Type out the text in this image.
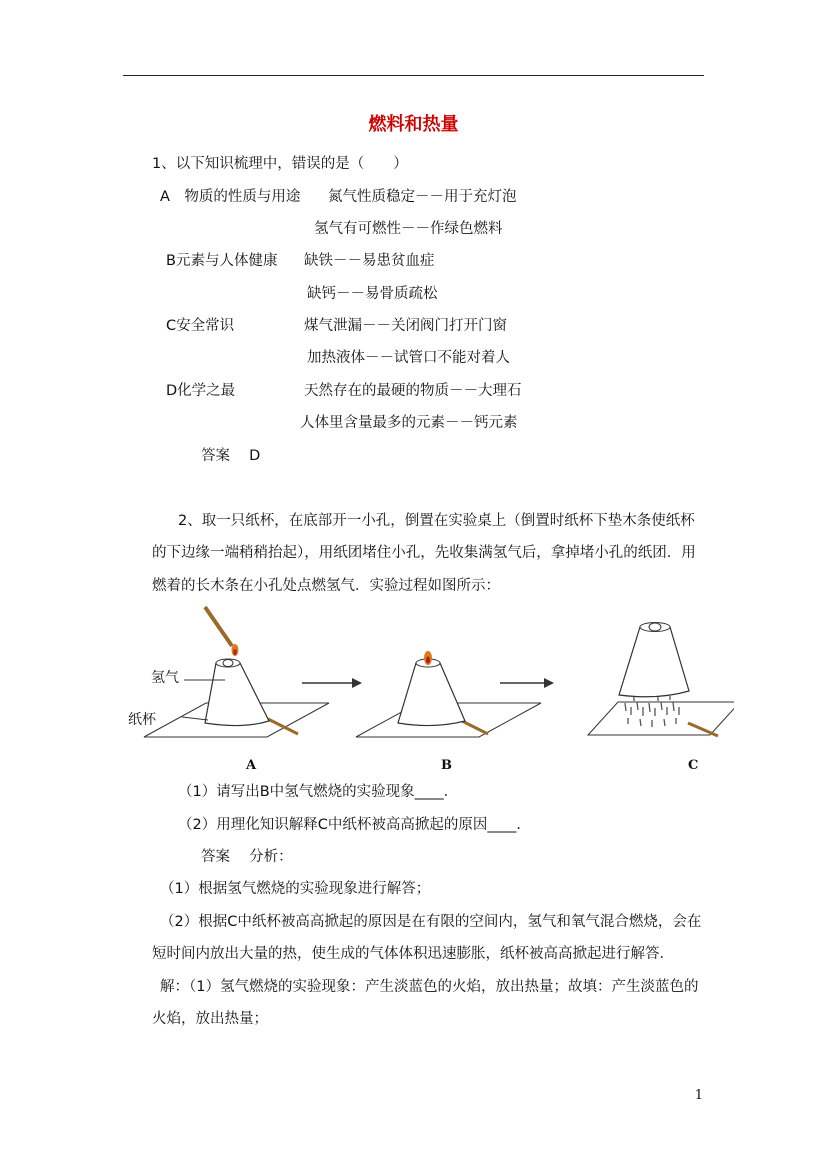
燃料和热量
1、以下知识梳理中，错误的是（　　）
A　物质的性质与用途 氮气性质稳定－－用于充灯泡
氢气有可燃性－－作绿色燃料
B元素与人体健康 缺铁－－易患贫血症
缺钙－－易骨质疏松
C安全常识	煤气泄漏－－关闭阀门打开门窗
加热液体－－试管口不能对着人
D化学之最	天然存在的最硬的物质－－大理石
人体里含量最多的元素－－钙元素
答案　 D
2、取一只纸杯，在底部开一小孔，倒置在实验桌上（倒置时纸杯下垫木条使纸杯
的下边缘一端稍稍抬起），用纸团堵住小孔，先收集满氢气后，拿掉堵小孔的纸团．用
燃着的长木条在小孔处点燃氢气．实验过程如图所示：
氢气
纸杯
A	B	C
（1）请写出B中氢气燃烧的实验现象____．
（2）用理化知识解释C中纸杯被高高掀起的原因____．
答案　 分析：
（1）根据氢气燃烧的实验现象进行解答；
（2）根据C中纸杯被高高掀起的原因是在有限的空间内，氢气和氧气混合燃烧，会在
短时间内放出大量的热，使生成的气体体积迅速膨胀，纸杯被高高掀起进行解答．
解：（1）氢气燃烧的实验现象：产生淡蓝色的火焰，放出热量；故填：产生淡蓝色的
火焰，放出热量；
1
